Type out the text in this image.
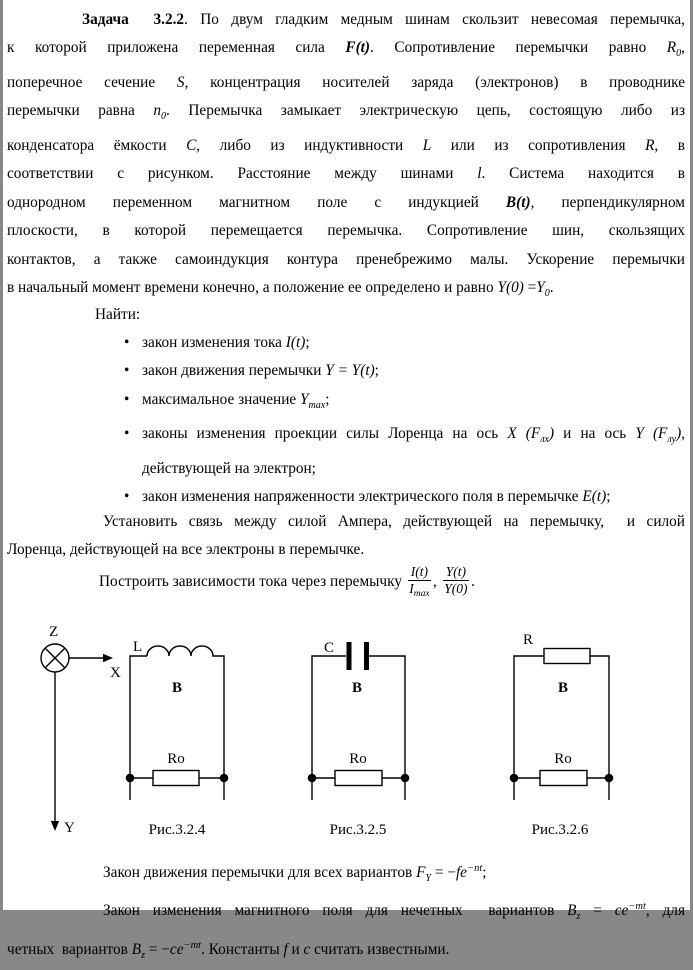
Задача  3.2.2. По двум гладким медным шинам скользит невесомая перемычка,
к которой приложена переменная сила F(t). Сопротивление перемычки равно $R_0$,
поперечное сечение S, концентрация носителей заряда (электронов) в проводнике
перемычки равна $n_0$. Перемычка замыкает электрическую цепь, состоящую либо из
конденсатора ёмкости C, либо из индуктивности L или из сопротивления R, в
соответствии с рисунком. Расстояние между шинами l. Система находится в
однородном переменном магнитном поле с индукцией B(t), перпендикулярном
плоскости, в которой перемещается перемычка. Сопротивление шин, скользящих
контактов, а также самоиндукция контура пренебрежимо малы. Ускорение перемычки
в начальный момент времени конечно, а положение ее определено и равно $Y(0) =Y_0$.
Найти:
• закон изменения тока I(t);
• закон движения перемычки Y = Y(t);
• максимальное значение $Y_{max}$;
• законы изменения проекции силы Лоренца на ось X $(F_{лх})$ и на ось Y $(F_{лу})$,
действующей на электрон;
• закон изменения напряженности электрического поля в перемычке E(t);
Установить связь между силой Ампера, действующей на перемычку,  и силой
Лоренца, действующей на все электроны в перемычке.
Построить зависимости тока через перемычку $\frac{I(t)}{I_{max}}$ , $\frac{Y(t)}{Y(0)}$ .
Z
X
Y
L
B
Ro
Рис.3.2.4
C
B
Ro
Рис.3.2.5
R
B
Ro
Рис.3.2.6
Закон движения перемычки для всех вариантов $F_Y = -fe^{-nt}$;
Закон изменения магнитного поля для нечетных  вариантов $B_z = ce^{-mt}$, для
четных  вариантов $B_z = -ce^{-mt}$. Константы f и c считать известными.
